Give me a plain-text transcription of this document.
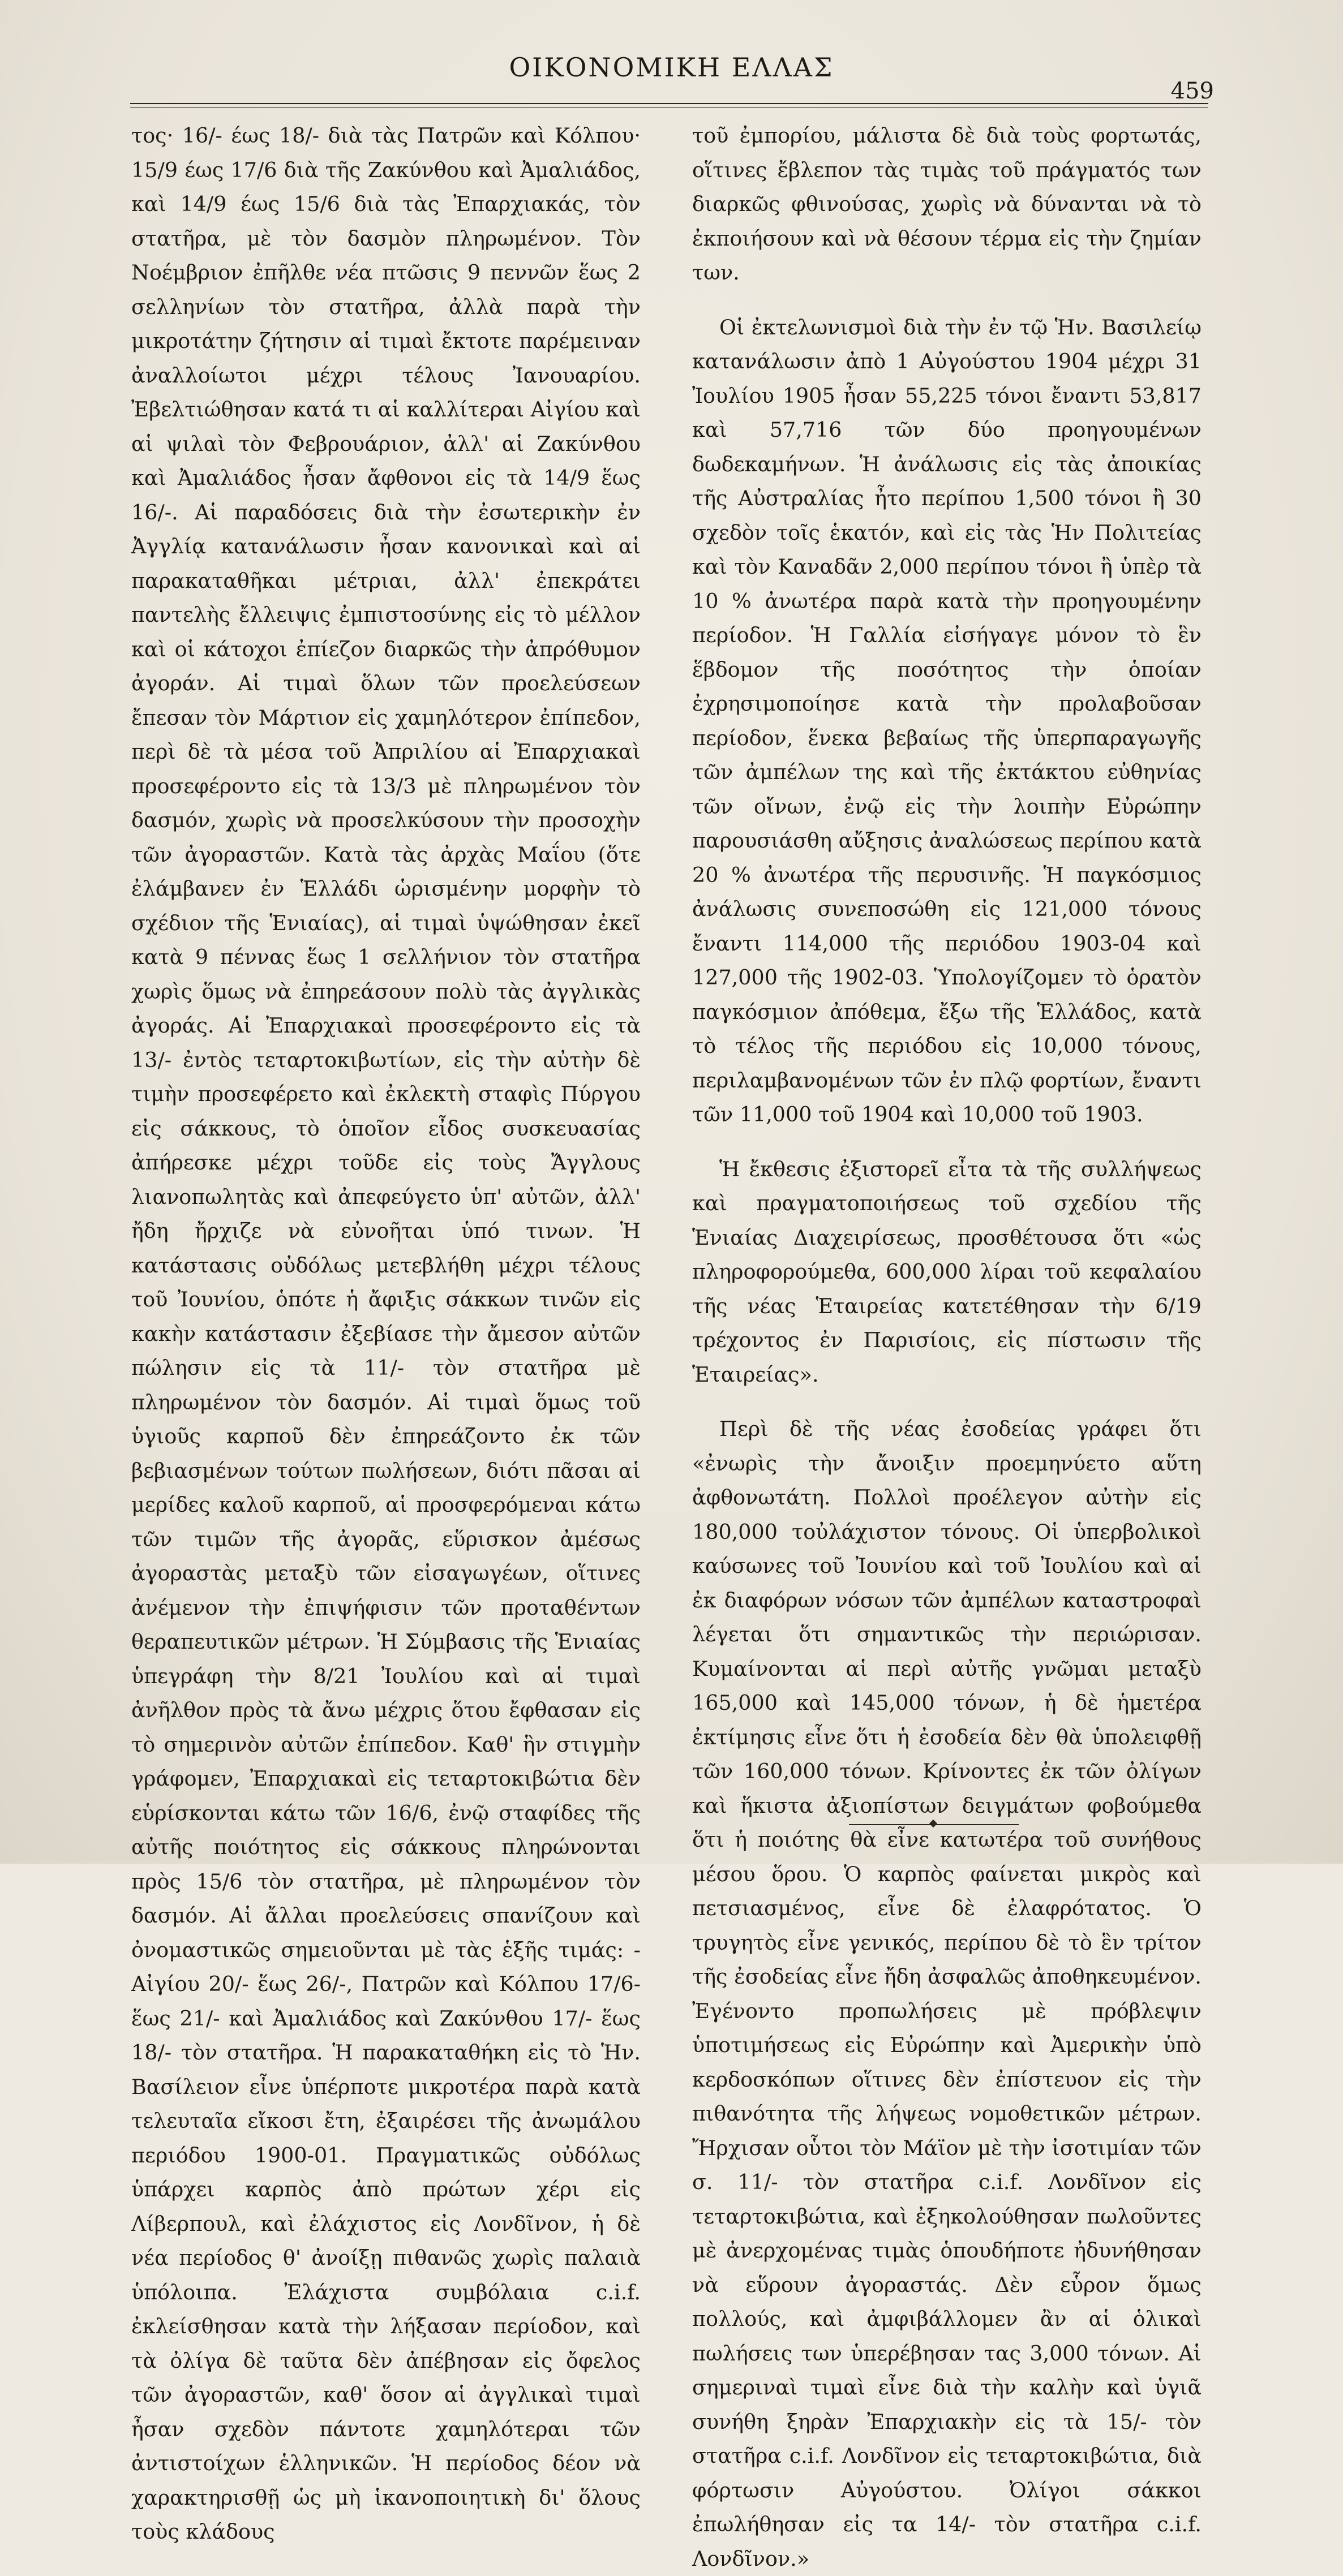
ΟΙΚΟΝΟΜΙΚΗ ΕΛΛΑΣ
459

τος· 16/- έως 18/- διὰ τὰς Πατρῶν καὶ Κόλπου· 15/9 έως 17/6 διὰ τῆς Ζακύνθου καὶ Ἀμαλιάδος, καὶ 14/9 έως 15/6 διὰ τὰς Ἐπαρχιακάς, τὸν στατῆρα, μὲ τὸν δασμὸν πληρωμένον. Τὸν Νοέμβριον ἐπῆλθε νέα πτῶσις 9 πεννῶν ἕως 2 σελληνίων τὸν στατῆρα, ἀλλὰ παρὰ τὴν μικροτάτην ζήτησιν αἱ τιμαὶ ἔκτοτε παρέμειναν ἀναλλοίωτοι μέχρι τέλους Ἰανουαρίου. Ἐβελτιώθησαν κατά τι αἱ καλλίτεραι Αἰγίου καὶ αἱ ψιλαὶ τὸν Φεβρουάριον, ἀλλ' αἱ Ζακύνθου καὶ Ἀμαλιάδος ἦσαν ἄφθονοι εἰς τὰ 14/9 ἕως 16/-. Αἱ παραδόσεις διὰ τὴν ἐσωτερικὴν ἐν Ἀγγλίᾳ κατανάλωσιν ἦσαν κανονικαὶ καὶ αἱ παρακαταθῆκαι μέτριαι, ἀλλ' ἐπεκράτει παντελὴς ἔλλειψις ἐμπιστοσύνης εἰς τὸ μέλλον καὶ οἱ κάτοχοι ἐπίεζον διαρκῶς τὴν ἀπρόθυμον ἀγοράν. Αἱ τιμαὶ ὅλων τῶν προελεύσεων ἔπεσαν τὸν Μάρτιον εἰς χαμηλότερον ἐπίπεδον, περὶ δὲ τὰ μέσα τοῦ Ἀπριλίου αἱ Ἐπαρχιακαὶ προσεφέροντο εἰς τὰ 13/3 μὲ πληρωμένον τὸν δασμόν, χωρὶς νὰ προσελκύσουν τὴν προσοχὴν τῶν ἀγοραστῶν. Κατὰ τὰς ἀρχὰς Μαΐου (ὅτε ἐλάμβανεν ἐν Ἑλλάδι ὡρισμένην μορφὴν τὸ σχέδιον τῆς Ἑνιαίας), αἱ τιμαὶ ὑψώθησαν ἐκεῖ κατὰ 9 πέννας ἕως 1 σελλήνιον τὸν στατῆρα χωρὶς ὅμως νὰ ἐπηρεάσουν πολὺ τὰς ἀγγλικὰς ἀγοράς. Αἱ Ἐπαρχιακαὶ προσεφέροντο εἰς τὰ 13/- ἐντὸς τεταρτοκιβωτίων, εἰς τὴν αὐτὴν δὲ τιμὴν προσεφέρετο καὶ ἐκλεκτὴ σταφὶς Πύργου εἰς σάκκους, τὸ ὁποῖον εἶδος συσκευασίας ἀπήρεσκε μέχρι τοῦδε εἰς τοὺς Ἄγγλους λιανοπωλητὰς καὶ ἀπεφεύγετο ὑπ' αὐτῶν, ἀλλ' ἤδη ἤρχιζε νὰ εὐνοῆται ὑπό τινων. Ἡ κατάστασις οὐδόλως μετεβλήθη μέχρι τέλους τοῦ Ἰουνίου, ὁπότε ἡ ἄφιξις σάκκων τινῶν εἰς κακὴν κατάστασιν ἐξεβίασε τὴν ἄμεσον αὐτῶν πώλησιν εἰς τὰ 11/- τὸν στατῆρα μὲ πληρωμένον τὸν δασμόν. Αἱ τιμαὶ ὅμως τοῦ ὑγιοῦς καρποῦ δὲν ἐπηρεάζοντο ἐκ τῶν βεβιασμένων τούτων πωλήσεων, διότι πᾶσαι αἱ μερίδες καλοῦ καρποῦ, αἱ προσφερόμεναι κάτω τῶν τιμῶν τῆς ἀγορᾶς, εὕρισκον ἀμέσως ἀγοραστὰς μεταξὺ τῶν εἰσαγωγέων, οἵτινες ἀνέμενον τὴν ἐπιψήφισιν τῶν προταθέντων θεραπευτικῶν μέτρων. Ἡ Σύμβασις τῆς Ἑνιαίας ὑπεγράφη τὴν 8/21 Ἰουλίου καὶ αἱ τιμαὶ ἀνῆλθον πρὸς τὰ ἄνω μέχρις ὅτου ἔφθασαν εἰς τὸ σημερινὸν αὐτῶν ἐπίπεδον. Καθ' ἣν στιγμὴν γράφομεν, Ἐπαρχιακαὶ εἰς τεταρτοκιβώτια δὲν εὑρίσκονται κάτω τῶν 16/6, ἐνῷ σταφίδες τῆς αὐτῆς ποιότητος εἰς σάκκους πληρώνονται πρὸς 15/6 τὸν στατῆρα, μὲ πληρωμένον τὸν δασμόν. Αἱ ἄλλαι προελεύσεις σπανίζουν καὶ ὀνομαστικῶς σημειοῦνται μὲ τὰς ἑξῆς τιμάς: - Αἰγίου 20/- ἕως 26/-, Πατρῶν καὶ Κόλπου 17/6- ἕως 21/- καὶ Ἀμαλιάδος καὶ Ζακύνθου 17/- ἕως 18/- τὸν στατῆρα. Ἡ παρακαταθήκη εἰς τὸ Ἡν. Βασίλειον εἶνε ὑπέρποτε μικροτέρα παρὰ κατὰ τελευταῖα εἴκοσι ἔτη, ἐξαιρέσει τῆς ἀνωμάλου περιόδου 1900-01. Πραγματικῶς οὐδόλως ὑπάρχει καρπὸς ἀπὸ πρώτων χέρι εἰς Λίβερπουλ, καὶ ἐλάχιστος εἰς Λονδῖνον, ἡ δὲ νέα περίοδος θ' ἀνοίξῃ πιθανῶς χωρὶς παλαιὰ ὑπόλοιπα. Ἐλάχιστα συμβόλαια c.i.f. ἐκλείσθησαν κατὰ τὴν λήξασαν περίοδον, καὶ τὰ ὀλίγα δὲ ταῦτα δὲν ἀπέβησαν εἰς ὄφελος τῶν ἀγοραστῶν, καθ' ὅσον αἱ ἀγγλικαὶ τιμαὶ ἦσαν σχεδὸν πάντοτε χαμηλότεραι τῶν ἀντιστοίχων ἑλληνικῶν. Ἡ περίοδος δέον νὰ χαρακτηρισθῇ ὡς μὴ ἱκανοποιητικὴ δι' ὅλους τοὺς κλάδους

τοῦ ἐμπορίου, μάλιστα δὲ διὰ τοὺς φορτωτάς, οἵτινες ἔβλεπον τὰς τιμὰς τοῦ πράγματός των διαρκῶς φθινούσας, χωρὶς νὰ δύνανται νὰ τὸ ἐκποιήσουν καὶ νὰ θέσουν τέρμα εἰς τὴν ζημίαν των.

Οἱ ἐκτελωνισμοὶ διὰ τὴν ἐν τῷ Ἡν. Βασιλείῳ κατανάλωσιν ἀπὸ 1 Αὐγούστου 1904 μέχρι 31 Ἰουλίου 1905 ἦσαν 55,225 τόνοι ἔναντι 53,817 καὶ 57,716 τῶν δύο προηγουμένων δωδεκαμήνων. Ἡ ἀνάλωσις εἰς τὰς ἀποικίας τῆς Αὐστραλίας ἦτο περίπου 1,500 τόνοι ἢ 30 σχεδὸν τοῖς ἑκατόν, καὶ εἰς τὰς Ἡν Πολιτείας καὶ τὸν Καναδᾶν 2,000 περίπου τόνοι ἢ ὑπὲρ τὰ 10 % ἀνωτέρα παρὰ κατὰ τὴν προηγουμένην περίοδον. Ἡ Γαλλία εἰσήγαγε μόνον τὸ ἓν ἕβδομον τῆς ποσότητος τὴν ὁποίαν ἐχρησιμοποίησε κατὰ τὴν προλαβοῦσαν περίοδον, ἕνεκα βεβαίως τῆς ὑπερπαραγωγῆς τῶν ἀμπέλων της καὶ τῆς ἐκτάκτου εὐθηνίας τῶν οἴνων, ἐνῷ εἰς τὴν λοιπὴν Εὐρώπην παρουσιάσθη αὔξησις ἀναλώσεως περίπου κατὰ 20 % ἀνωτέρα τῆς περυσινῆς. Ἡ παγκόσμιος ἀνάλωσις συνεποσώθη εἰς 121,000 τόνους ἔναντι 114,000 τῆς περιόδου 1903-04 καὶ 127,000 τῆς 1902-03. Ὑπολογίζομεν τὸ ὁρατὸν παγκόσμιον ἀπόθεμα, ἔξω τῆς Ἑλλάδος, κατὰ τὸ τέλος τῆς περιόδου εἰς 10,000 τόνους, περιλαμβανομένων τῶν ἐν πλῷ φορτίων, ἔναντι τῶν 11,000 τοῦ 1904 καὶ 10,000 τοῦ 1903.

Ἡ ἔκθεσις ἐξιστορεῖ εἶτα τὰ τῆς συλλήψεως καὶ πραγματοποιήσεως τοῦ σχεδίου τῆς Ἑνιαίας Διαχειρίσεως, προσθέτουσα ὅτι «ὡς πληροφορούμεθα, 600,000 λίραι τοῦ κεφαλαίου τῆς νέας Ἑταιρείας κατετέθησαν τὴν 6/19 τρέχοντος ἐν Παρισίοις, εἰς πίστωσιν τῆς Ἑταιρείας».

Περὶ δὲ τῆς νέας ἐσοδείας γράφει ὅτι «ἐνωρὶς τὴν ἄνοιξιν προεμηνύετο αὕτη ἀφθονωτάτη. Πολλοὶ προέλεγον αὐτὴν εἰς 180,000 τοὐλάχιστον τόνους. Οἱ ὑπερβολικοὶ καύσωνες τοῦ Ἰουνίου καὶ τοῦ Ἰουλίου καὶ αἱ ἐκ διαφόρων νόσων τῶν ἀμπέλων καταστροφαὶ λέγεται ὅτι σημαντικῶς τὴν περιώρισαν. Κυμαίνονται αἱ περὶ αὐτῆς γνῶμαι μεταξὺ 165,000 καὶ 145,000 τόνων, ἡ δὲ ἡμετέρα ἐκτίμησις εἶνε ὅτι ἡ ἐσοδεία δὲν θὰ ὑπολειφθῇ τῶν 160,000 τόνων. Κρίνοντες ἐκ τῶν ὀλίγων καὶ ἥκιστα ἀξιοπίστων δειγμάτων φοβούμεθα ὅτι ἡ ποιότης θὰ εἶνε κατωτέρα τοῦ συνήθους μέσου ὅρου. Ὁ καρπὸς φαίνεται μικρὸς καὶ πετσιασμένος, εἶνε δὲ ἐλαφρότατος. Ὁ τρυγητὸς εἶνε γενικός, περίπου δὲ τὸ ἓν τρίτον τῆς ἐσοδείας εἶνε ἤδη ἀσφαλῶς ἀποθηκευμένον. Ἐγένοντο προπωλήσεις μὲ πρόβλεψιν ὑποτιμήσεως εἰς Εὐρώπην καὶ Ἀμερικὴν ὑπὸ κερδοσκόπων οἵτινες δὲν ἐπίστευον εἰς τὴν πιθανότητα τῆς λήψεως νομοθετικῶν μέτρων. Ἤρχισαν οὗτοι τὸν Μάϊον μὲ τὴν ἰσοτιμίαν τῶν σ. 11/- τὸν στατῆρα c.i.f. Λονδῖνον εἰς τεταρτοκιβώτια, καὶ ἐξηκολούθησαν πωλοῦντες μὲ ἀνερχομένας τιμὰς ὁπουδήποτε ἠδυνήθησαν νὰ εὕρουν ἀγοραστάς. Δὲν εὗρον ὅμως πολλούς, καὶ ἀμφιβάλλομεν ἂν αἱ ὁλικαὶ πωλήσεις των ὑπερέβησαν τας 3,000 τόνων. Αἱ σημεριναὶ τιμαὶ εἶνε διὰ τὴν καλὴν καὶ ὑγιᾶ συνήθη ξηρὰν Ἐπαρχιακὴν εἰς τὰ 15/- τὸν στατῆρα c.i.f. Λονδῖνον εἰς τεταρτοκιβώτια, διὰ φόρτωσιν Αὐγούστου. Ὀλίγοι σάκκοι ἐπωλήθησαν εἰς τα 14/- τὸν στατῆρα c.i.f. Λονδῖνον.»
